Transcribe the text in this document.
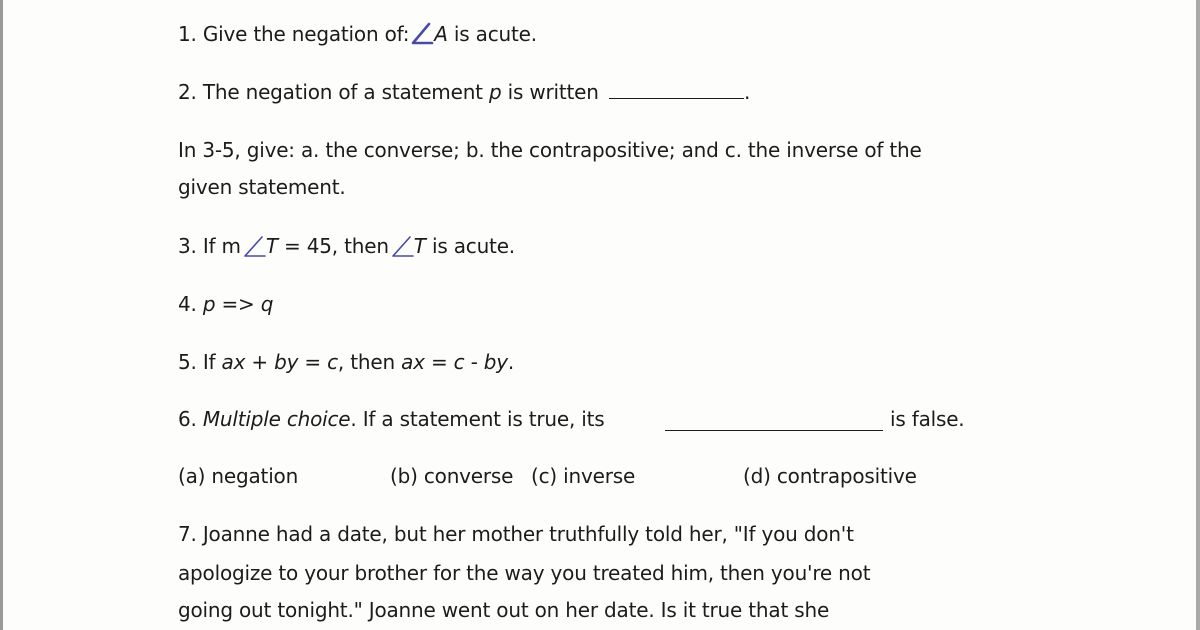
1. Give the negation of: A is acute.
2. The negation of a statement p is written	.
In 3-5, give: a. the converse; b. the contrapositive; and c. the inverse of the
given statement.
3. If m T = 45, then T is acute.
4. p => q
5. If ax + by = c, then ax = c - by.
6. Multiple choice. If a statement is true, its	is false.
(a) negation	(b) converse (c) inverse	(d) contrapositive
7. Joanne had a date, but her mother truthfully told her, "If you don't
apologize to your brother for the way you treated him, then you're not
going out tonight." Joanne went out on her date. Is it true that she
